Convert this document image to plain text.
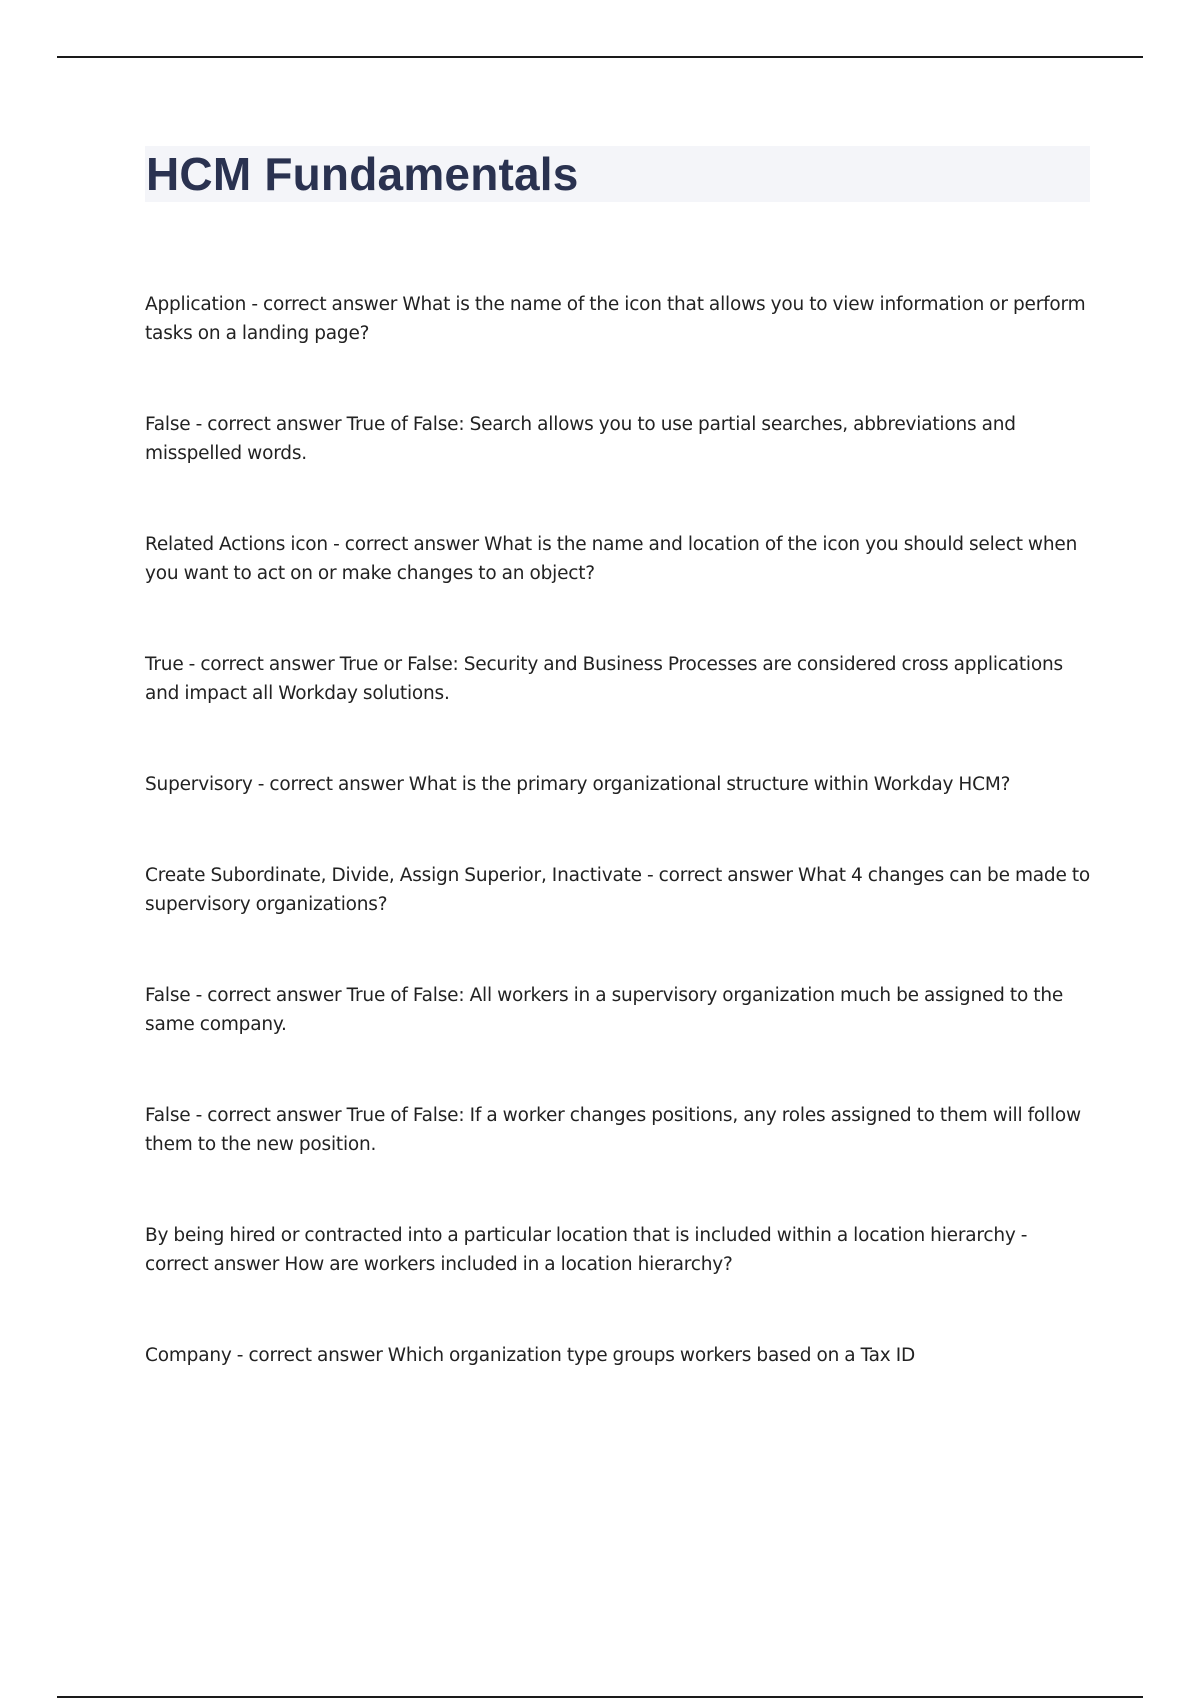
HCM Fundamentals
Application - correct answer What is the name of the icon that allows you to view information or perform tasks on a landing page?
False - correct answer True of False: Search allows you to use partial searches, abbreviations and misspelled words.
Related Actions icon - correct answer What is the name and location of the icon you should select when you want to act on or make changes to an object?
True - correct answer True or False: Security and Business Processes are considered cross applications and impact all Workday solutions.
Supervisory - correct answer What is the primary organizational structure within Workday HCM?
Create Subordinate, Divide, Assign Superior, Inactivate - correct answer What 4 changes can be made to supervisory organizations?
False - correct answer True of False: All workers in a supervisory organization much be assigned to the same company.
False - correct answer True of False: If a worker changes positions, any roles assigned to them will follow them to the new position.
By being hired or contracted into a particular location that is included within a location hierarchy - correct answer How are workers included in a location hierarchy?
Company - correct answer Which organization type groups workers based on a Tax ID
